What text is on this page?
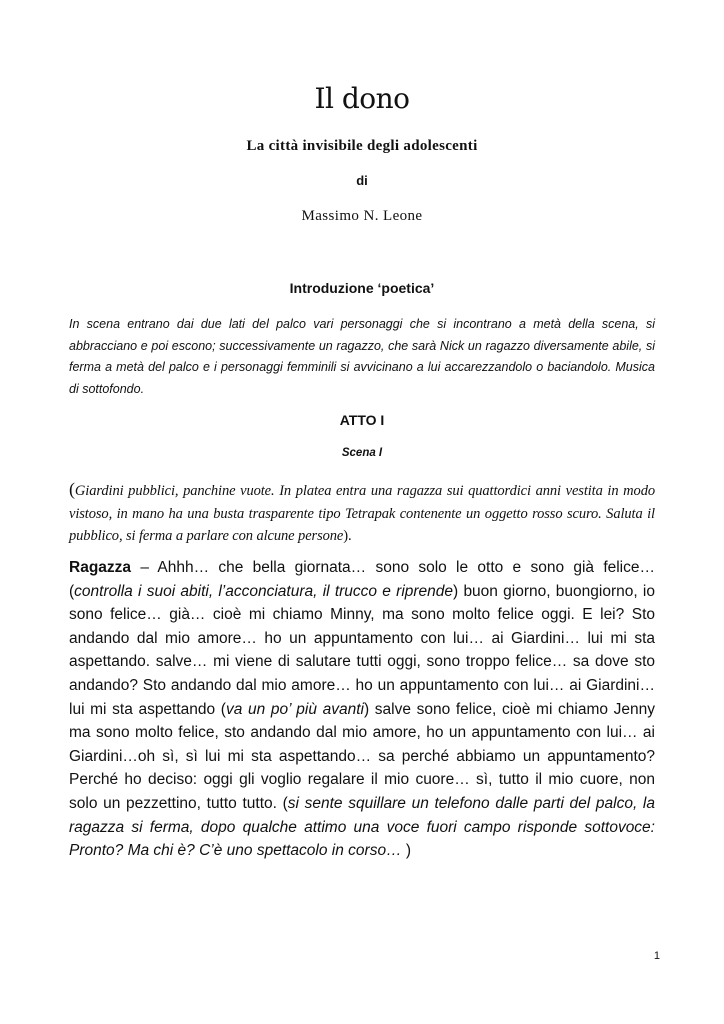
Il dono
La città invisibile degli adolescenti
di
Massimo N. Leone
Introduzione ‘poetica’

In scena entrano dai due lati del palco vari personaggi che si incontrano a metà della scena, si abbracciano e poi escono; successivamente un ragazzo, che sarà Nick un ragazzo diversamente abile, si ferma a metà del palco e i personaggi femminili si avvicinano a lui accarezzandolo o baciandolo. Musica di sottofondo.

ATTO I
Scena I

(Giardini pubblici, panchine vuote. In platea entra una ragazza sui quattordici anni vestita in modo vistoso, in mano ha una busta trasparente tipo Tetrapak contenente un oggetto rosso scuro. Saluta il pubblico, si ferma a parlare con alcune persone).

Ragazza – Ahhh… che bella giornata… sono solo le otto e sono già felice… (controlla i suoi abiti, l’acconciatura, il trucco e riprende) buon giorno, buongiorno, io sono felice… già… cioè mi chiamo Minny, ma sono molto felice oggi. E lei? Sto andando dal mio amore… ho un appuntamento con lui… ai Giardini… lui mi sta aspettando. salve… mi viene di salutare tutti oggi, sono troppo felice… sa dove sto andando? Sto andando dal mio amore… ho un appuntamento con lui… ai Giardini… lui mi sta aspettando (va un po’ più avanti) salve sono felice, cioè mi chiamo Jenny ma sono molto felice, sto andando dal mio amore, ho un appuntamento con lui… ai Giardini…oh sì, sì lui mi sta aspettando… sa perché abbiamo un appuntamento? Perché ho deciso: oggi gli voglio regalare il mio cuore… sì, tutto il mio cuore, non solo un pezzettino, tutto tutto. (si sente squillare un telefono dalle parti del palco, la ragazza si ferma, dopo qualche attimo una voce fuori campo risponde sottovoce: Pronto? Ma chi è? C’è uno spettacolo in corso… )

1
